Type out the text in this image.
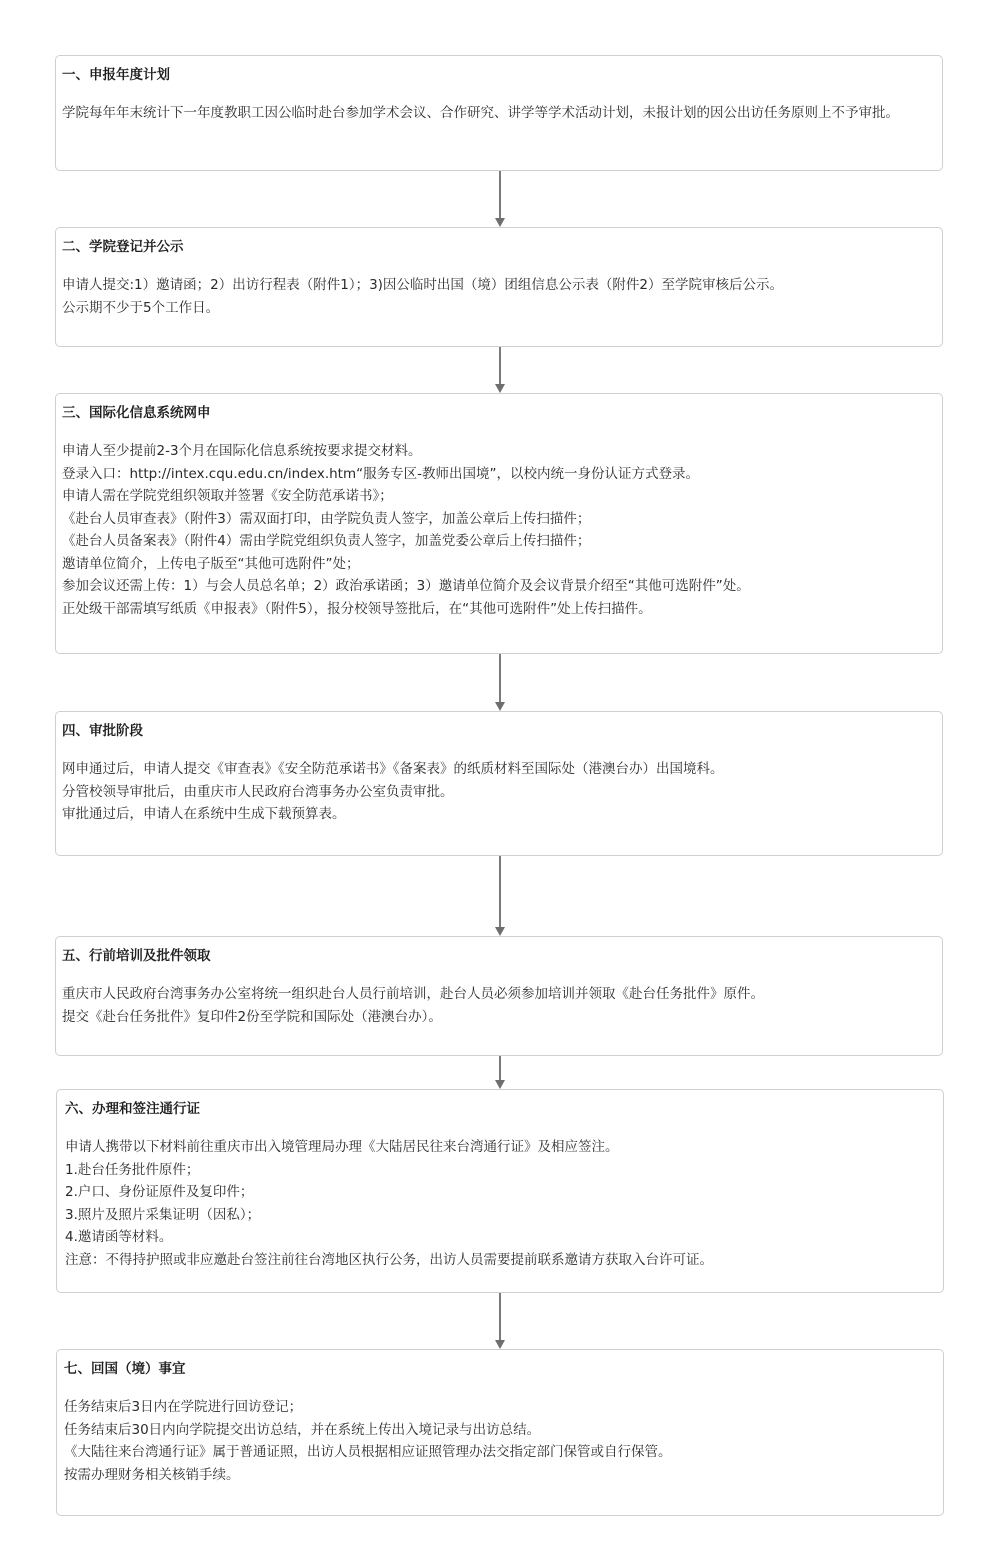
一、申报年度计划

学院每年年末统计下一年度教职工因公临时赴台参加学术会议、合作研究、讲学等学术活动计划，未报计划的因公出访任务原则上不予审批。

二、学院登记并公示

申请人提交:1）邀请函；2）出访行程表（附件1）；3)因公临时出国（境）团组信息公示表（附件2）至学院审核后公示。

公示期不少于5个工作日。

三、国际化信息系统网申

申请人至少提前2-3个月在国际化信息系统按要求提交材料。

登录入口：http://intex.cqu.edu.cn/index.htm“服务专区-教师出国境”，以校内统一身份认证方式登录。

申请人需在学院党组织领取并签署《安全防范承诺书》；

《赴台人员审查表》（附件3）需双面打印，由学院负责人签字，加盖公章后上传扫描件；

《赴台人员备案表》（附件4）需由学院党组织负责人签字，加盖党委公章后上传扫描件；

邀请单位简介，上传电子版至“其他可选附件”处；

参加会议还需上传：1）与会人员总名单；2）政治承诺函；3）邀请单位简介及会议背景介绍至“其他可选附件”处。

正处级干部需填写纸质《申报表》（附件5），报分校领导签批后，在“其他可选附件”处上传扫描件。

四、审批阶段

网申通过后，申请人提交《审查表》《安全防范承诺书》《备案表》的纸质材料至国际处（港澳台办）出国境科。

分管校领导审批后，由重庆市人民政府台湾事务办公室负责审批。

审批通过后，申请人在系统中生成下载预算表。

五、行前培训及批件领取

重庆市人民政府台湾事务办公室将统一组织赴台人员行前培训，赴台人员必须参加培训并领取《赴台任务批件》原件。

提交《赴台任务批件》复印件2份至学院和国际处（港澳台办）。

六、办理和签注通行证

申请人携带以下材料前往重庆市出入境管理局办理《大陆居民往来台湾通行证》及相应签注。

1.赴台任务批件原件；

2.户口、身份证原件及复印件；

3.照片及照片采集证明（因私）；

4.邀请函等材料。

注意：不得持护照或非应邀赴台签注前往台湾地区执行公务，出访人员需要提前联系邀请方获取入台许可证。

七、回国（境）事宜

任务结束后3日内在学院进行回访登记；

任务结束后30日内向学院提交出访总结，并在系统上传出入境记录与出访总结。

《大陆往来台湾通行证》属于普通证照，出访人员根据相应证照管理办法交指定部门保管或自行保管。

按需办理财务相关核销手续。
